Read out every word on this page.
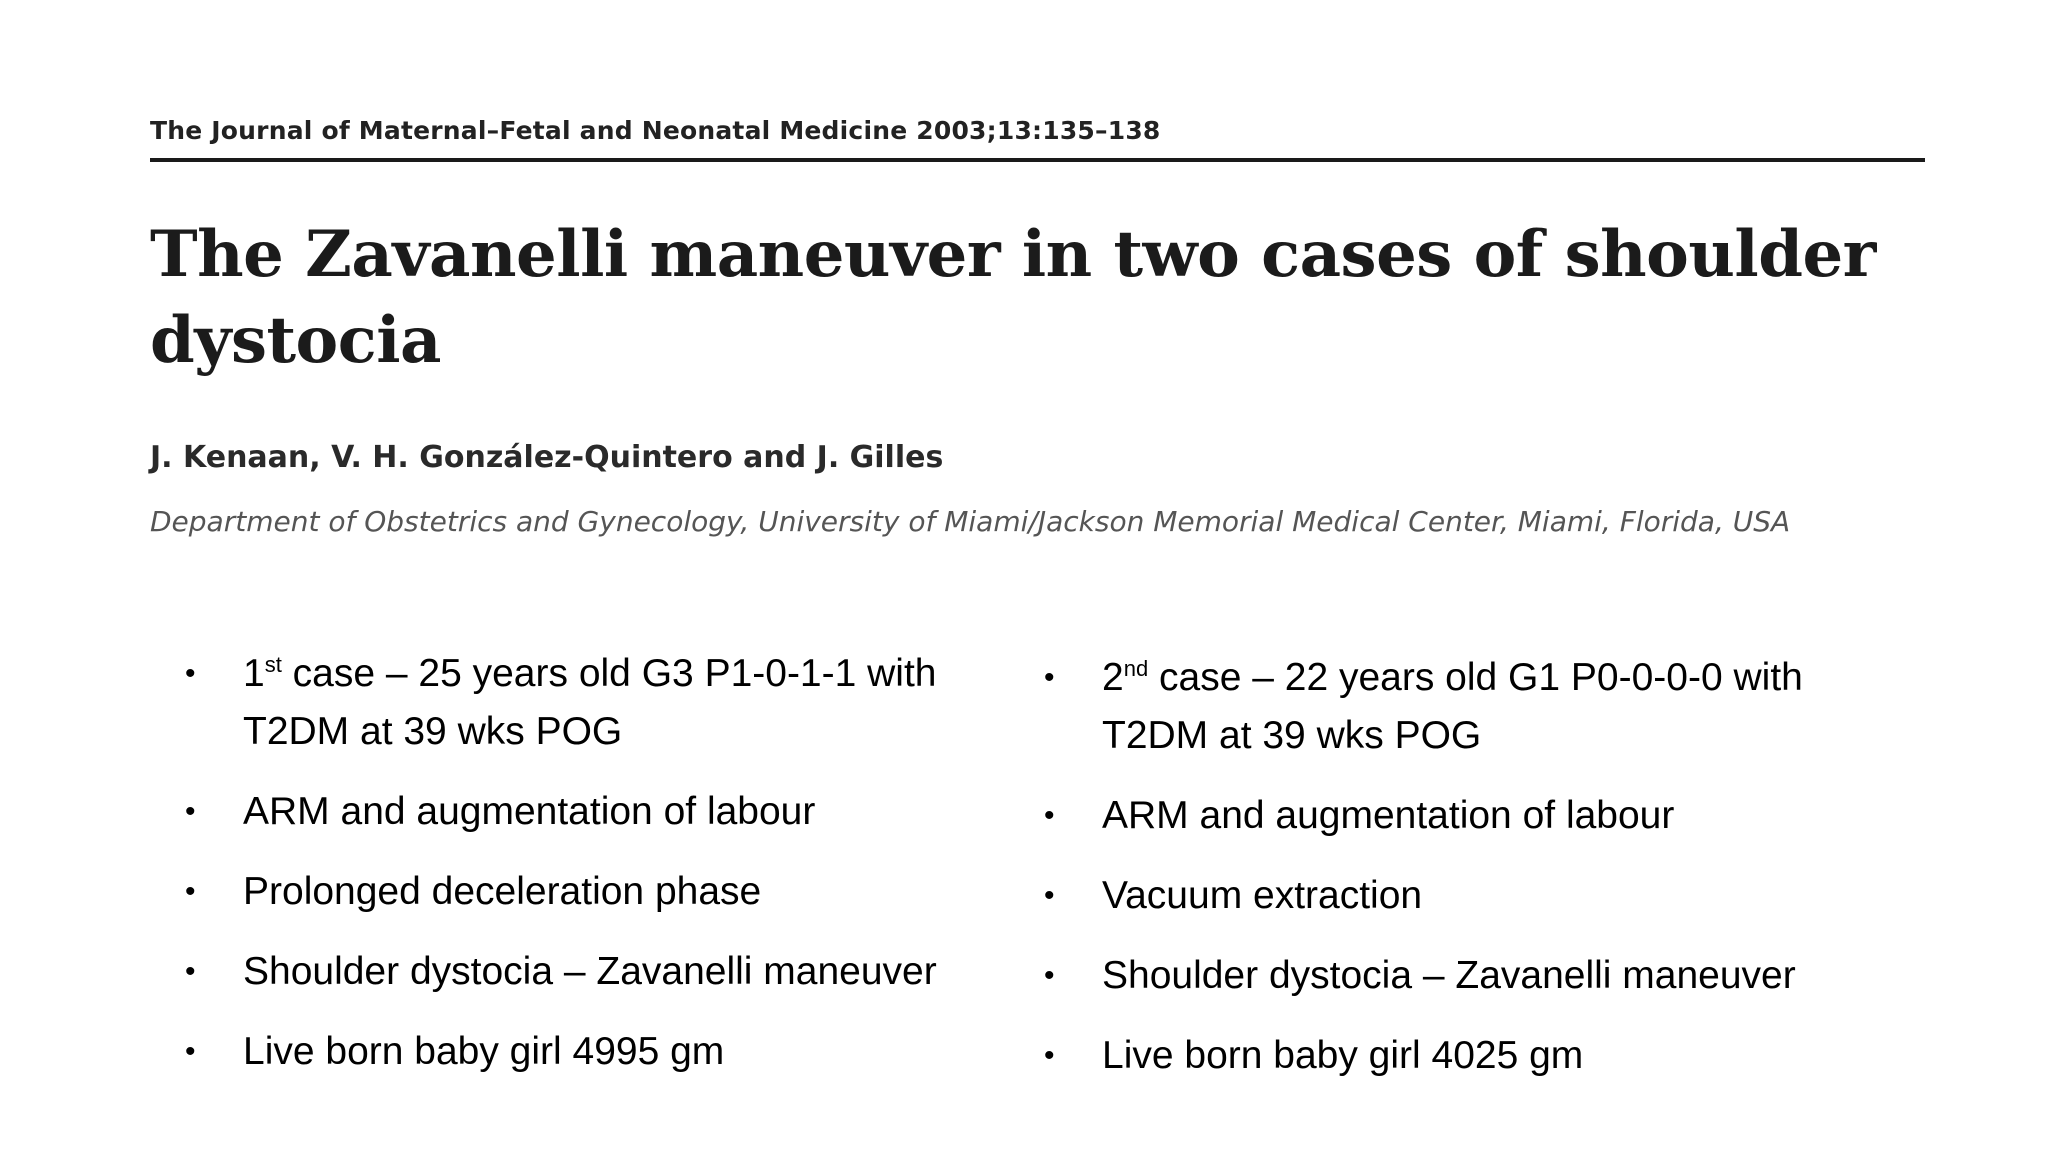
The Journal of Maternal–Fetal and Neonatal Medicine 2003;13:135–138

The Zavanelli maneuver in two cases of shoulder dystocia

J. Kenaan, V. H. González-Quintero and J. Gilles

Department of Obstetrics and Gynecology, University of Miami/Jackson Memorial Medical Center, Miami, Florida, USA

• 1st case – 25 years old G3 P1-0-1-1 with T2DM at 39 wks POG
• ARM and augmentation of labour
• Prolonged deceleration phase
• Shoulder dystocia – Zavanelli maneuver
• Live born baby girl 4995 gm
• 2nd case – 22 years old G1 P0-0-0-0 with T2DM at 39 wks POG
• ARM and augmentation of labour
• Vacuum extraction
• Shoulder dystocia – Zavanelli maneuver
• Live born baby girl 4025 gm
